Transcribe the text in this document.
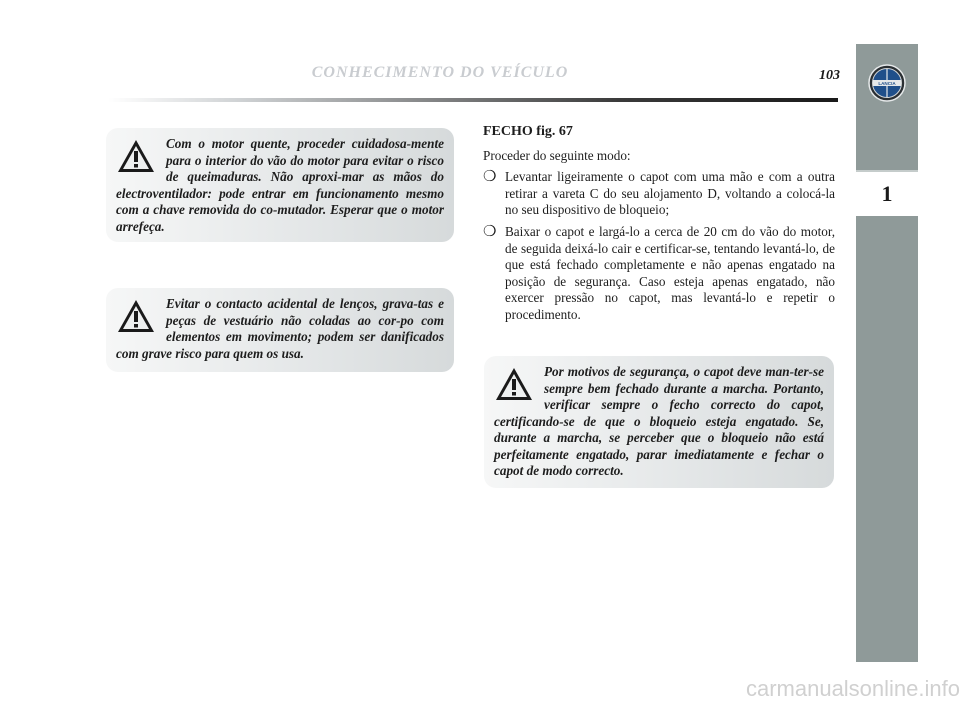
CONHECIMENTO DO VEÍCULO	103
LANCIA
1
Com o motor quente, proceder cuidadosa-mente para o interior do vão do motor para evitar o risco de queimaduras. Não aproxi-mar as mãos do electroventilador: pode entrar em funcionamento mesmo com a chave removida do co-mutador. Esperar que o motor arrefeça.
Evitar o contacto acidental de lenços, grava-tas e peças de vestuário não coladas ao cor-po com elementos em movimento; podem ser danificados com grave risco para quem os usa.
FECHO fig. 67
Proceder do seguinte modo:
❍ Levantar ligeiramente o capot com uma mão e com a outra retirar a vareta C do seu alojamento D, voltando a colocá-la no seu dispositivo de bloqueio;
❍ Baixar o capot e largá-lo a cerca de 20 cm do vão do motor, de seguida deixá-lo cair e certificar-se, tentando levantá-lo, de que está fechado completamente e não apenas engatado na posição de segurança. Caso esteja apenas engatado, não exercer pressão no capot, mas levantá-lo e repetir o procedimento.
Por motivos de segurança, o capot deve man-ter-se sempre bem fechado durante a marcha. Portanto, verificar sempre o fecho correcto do capot, certificando-se de que o bloqueio esteja engatado. Se, durante a marcha, se perceber que o bloqueio não está perfeitamente engatado, parar imediatamente e fechar o capot de modo correcto.
carmanualsonline.info
